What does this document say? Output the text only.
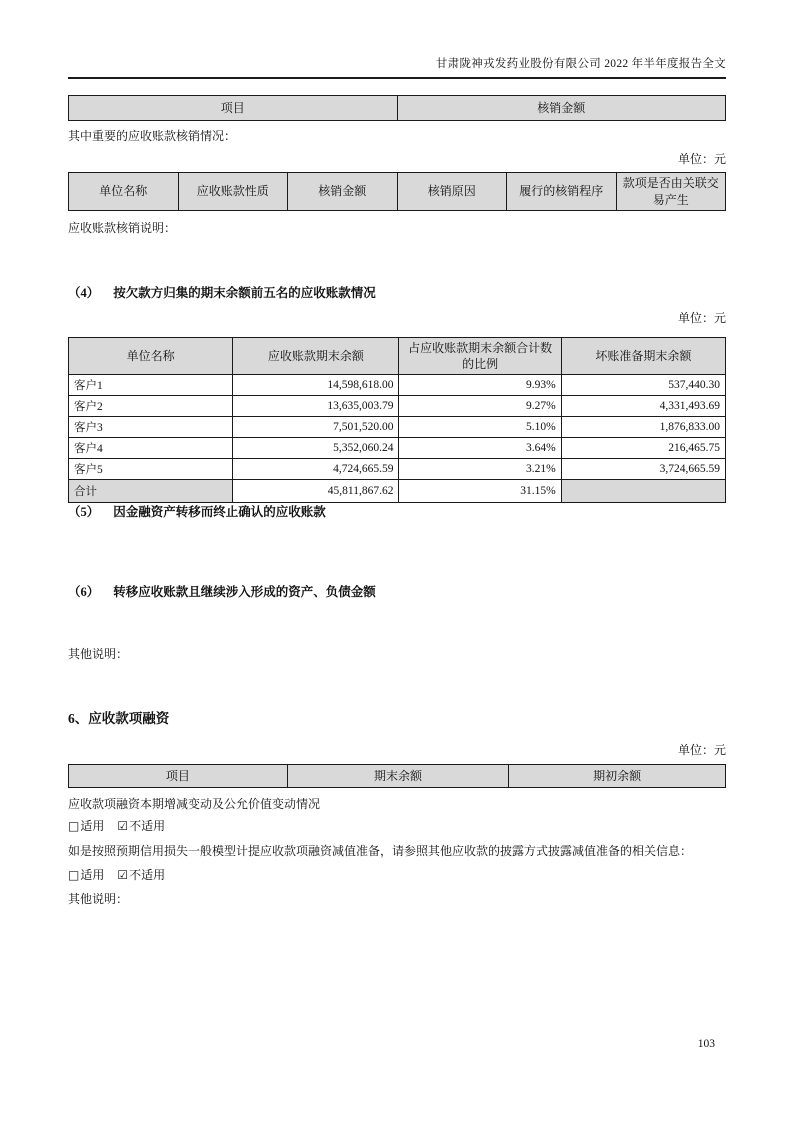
甘肃陇神戎发药业股份有限公司 2022 年半年度报告全文
项目	核销金额
其中重要的应收账款核销情况：
单位：元
单位名称	应收账款性质	核销金额	核销原因	履行的核销程序	款项是否由关联交易产生
应收账款核销说明：
（4） 按欠款方归集的期末余额前五名的应收账款情况
单位：元
单位名称	应收账款期末余额	占应收账款期末余额合计数的比例	坏账准备期末余额
客户1	14,598,618.00	9.93%	537,440.30
客户2	13,635,003.79	9.27%	4,331,493.69
客户3	7,501,520.00	5.10%	1,876,833.00
客户4	5,352,060.24	3.64%	216,465.75
客户5	4,724,665.59	3.21%	3,724,665.59
合计	45,811,867.62	31.15%	
（5） 因金融资产转移而终止确认的应收账款
（6） 转移应收账款且继续涉入形成的资产、负债金额
其他说明：
6、应收款项融资
单位：元
项目	期末余额	期初余额
应收款项融资本期增减变动及公允价值变动情况
□适用 ☑不适用
如是按照预期信用损失一般模型计提应收款项融资减值准备，请参照其他应收款的披露方式披露减值准备的相关信息：
□适用 ☑不适用
其他说明：
103
